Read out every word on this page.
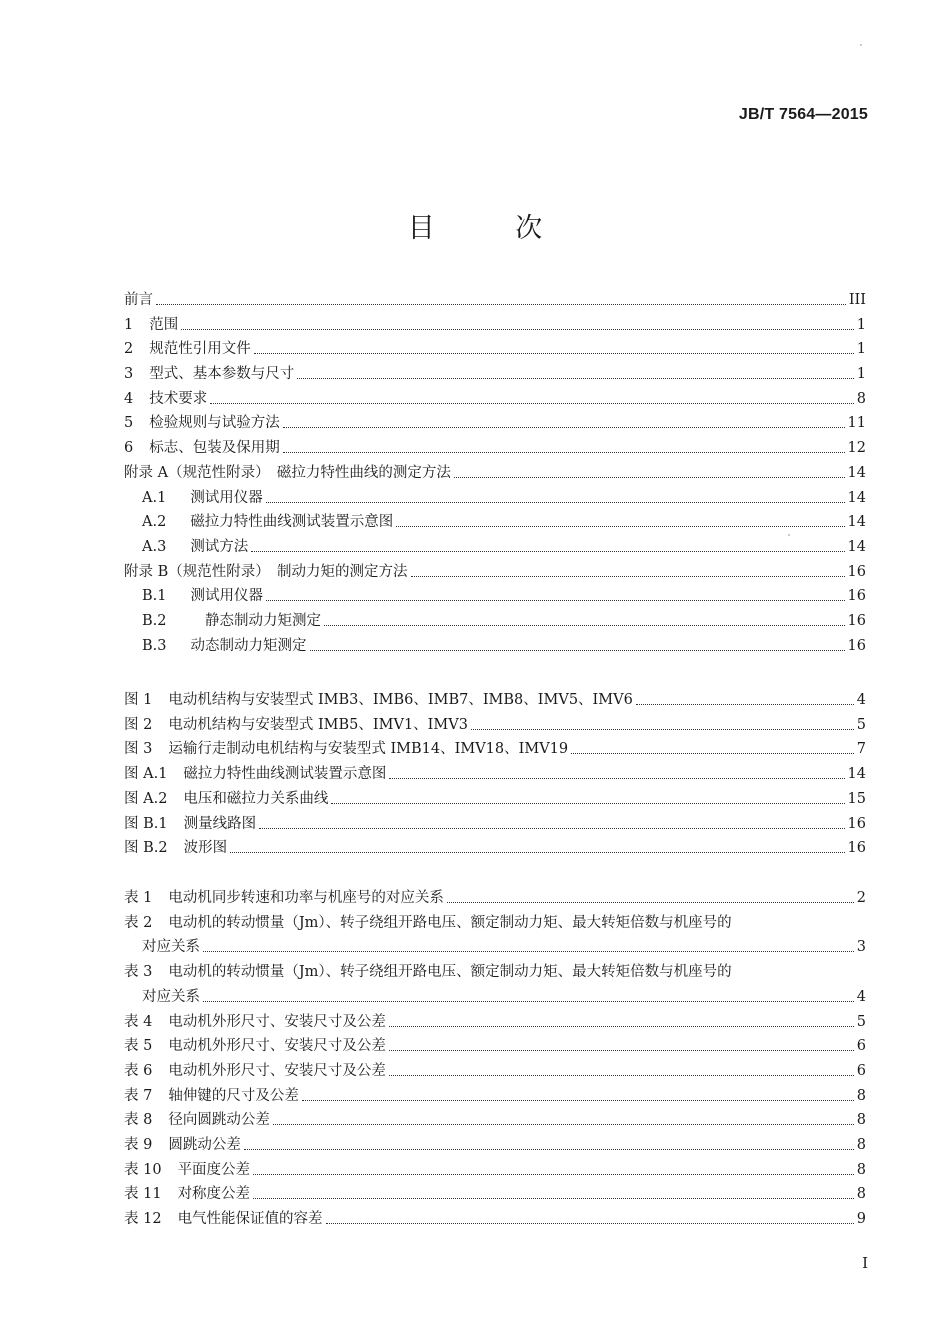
JB/T 7564—2015
目 次
前言	III
1 范围	1
2 规范性引用文件	1
3 型式、基本参数与尺寸	1
4 技术要求	8
5 检验规则与试验方法	11
6 标志、包装及保用期	12
附录 A（规范性附录）　磁拉力特性曲线的测定方法	14
A.1 测试用仪器	14
A.2 磁拉力特性曲线测试装置示意图	14
A.3 测试方法	14
附录 B（规范性附录）　制动力矩的测定方法	16
B.1 测试用仪器	16
B.2 　静态制动力矩测定	16
B.3 动态制动力矩测定	16
图 1 电动机结构与安装型式 IMB3、IMB6、IMB7、IMB8、IMV5、IMV6	4
图 2 电动机结构与安装型式 IMB5、IMV1、IMV3	5
图 3 运输行走制动电机结构与安装型式 IMB14、IMV18、IMV19	7
图 A.1 磁拉力特性曲线测试装置示意图	14
图 A.2 电压和磁拉力关系曲线	15
图 B.1 测量线路图	16
图 B.2 波形图	16
表 1 电动机同步转速和功率与机座号的对应关系	2
表 2 电动机的转动惯量（Jm）、转子绕组开路电压、额定制动力矩、最大转矩倍数与机座号的
对应关系	3
表 3 电动机的转动惯量（Jm）、转子绕组开路电压、额定制动力矩、最大转矩倍数与机座号的
对应关系	4
表 4 电动机外形尺寸、安装尺寸及公差	5
表 5 电动机外形尺寸、安装尺寸及公差	6
表 6 电动机外形尺寸、安装尺寸及公差	6
表 7 轴伸键的尺寸及公差	8
表 8 径向圆跳动公差	8
表 9 圆跳动公差	8
表 10 平面度公差	8
表 11 对称度公差	8
表 12 电气性能保证值的容差	9
I
